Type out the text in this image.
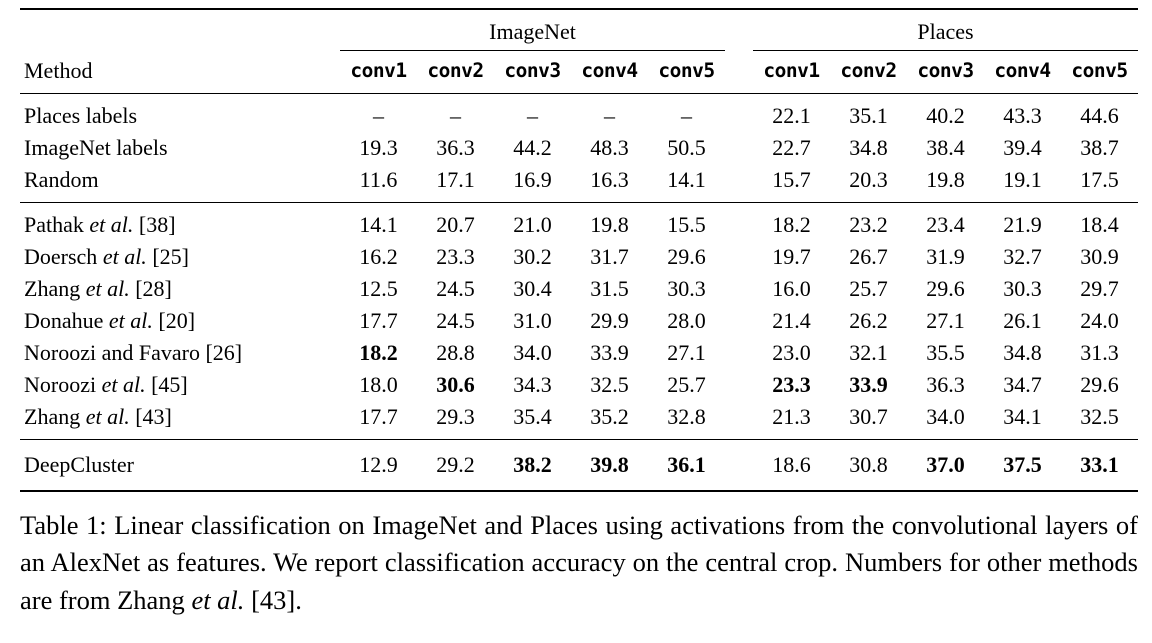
	ImageNet						Places				
Method	conv1	conv2	conv3	conv4	conv5		conv1	conv2	conv3	conv4	conv5
Places labels	–	–	–	–	–		22.1	35.1	40.2	43.3	44.6
ImageNet labels	19.3	36.3	44.2	48.3	50.5		22.7	34.8	38.4	39.4	38.7
Random	11.6	17.1	16.9	16.3	14.1		15.7	20.3	19.8	19.1	17.5
Pathak et al. [38]	14.1	20.7	21.0	19.8	15.5		18.2	23.2	23.4	21.9	18.4
Doersch et al. [25]	16.2	23.3	30.2	31.7	29.6		19.7	26.7	31.9	32.7	30.9
Zhang et al. [28]	12.5	24.5	30.4	31.5	30.3		16.0	25.7	29.6	30.3	29.7
Donahue et al. [20]	17.7	24.5	31.0	29.9	28.0		21.4	26.2	27.1	26.1	24.0
Noroozi and Favaro [26]	18.2	28.8	34.0	33.9	27.1		23.0	32.1	35.5	34.8	31.3
Noroozi et al. [45]	18.0	30.6	34.3	32.5	25.7		23.3	33.9	36.3	34.7	29.6
Zhang et al. [43]	17.7	29.3	35.4	35.2	32.8		21.3	30.7	34.0	34.1	32.5
DeepCluster	12.9	29.2	38.2	39.8	36.1		18.6	30.8	37.0	37.5	33.1

Table 1: Linear classification on ImageNet and Places using activations from the convolutional layers of an AlexNet as features. We report classification accuracy on the central crop. Numbers for other methods are from Zhang et al. [43].
